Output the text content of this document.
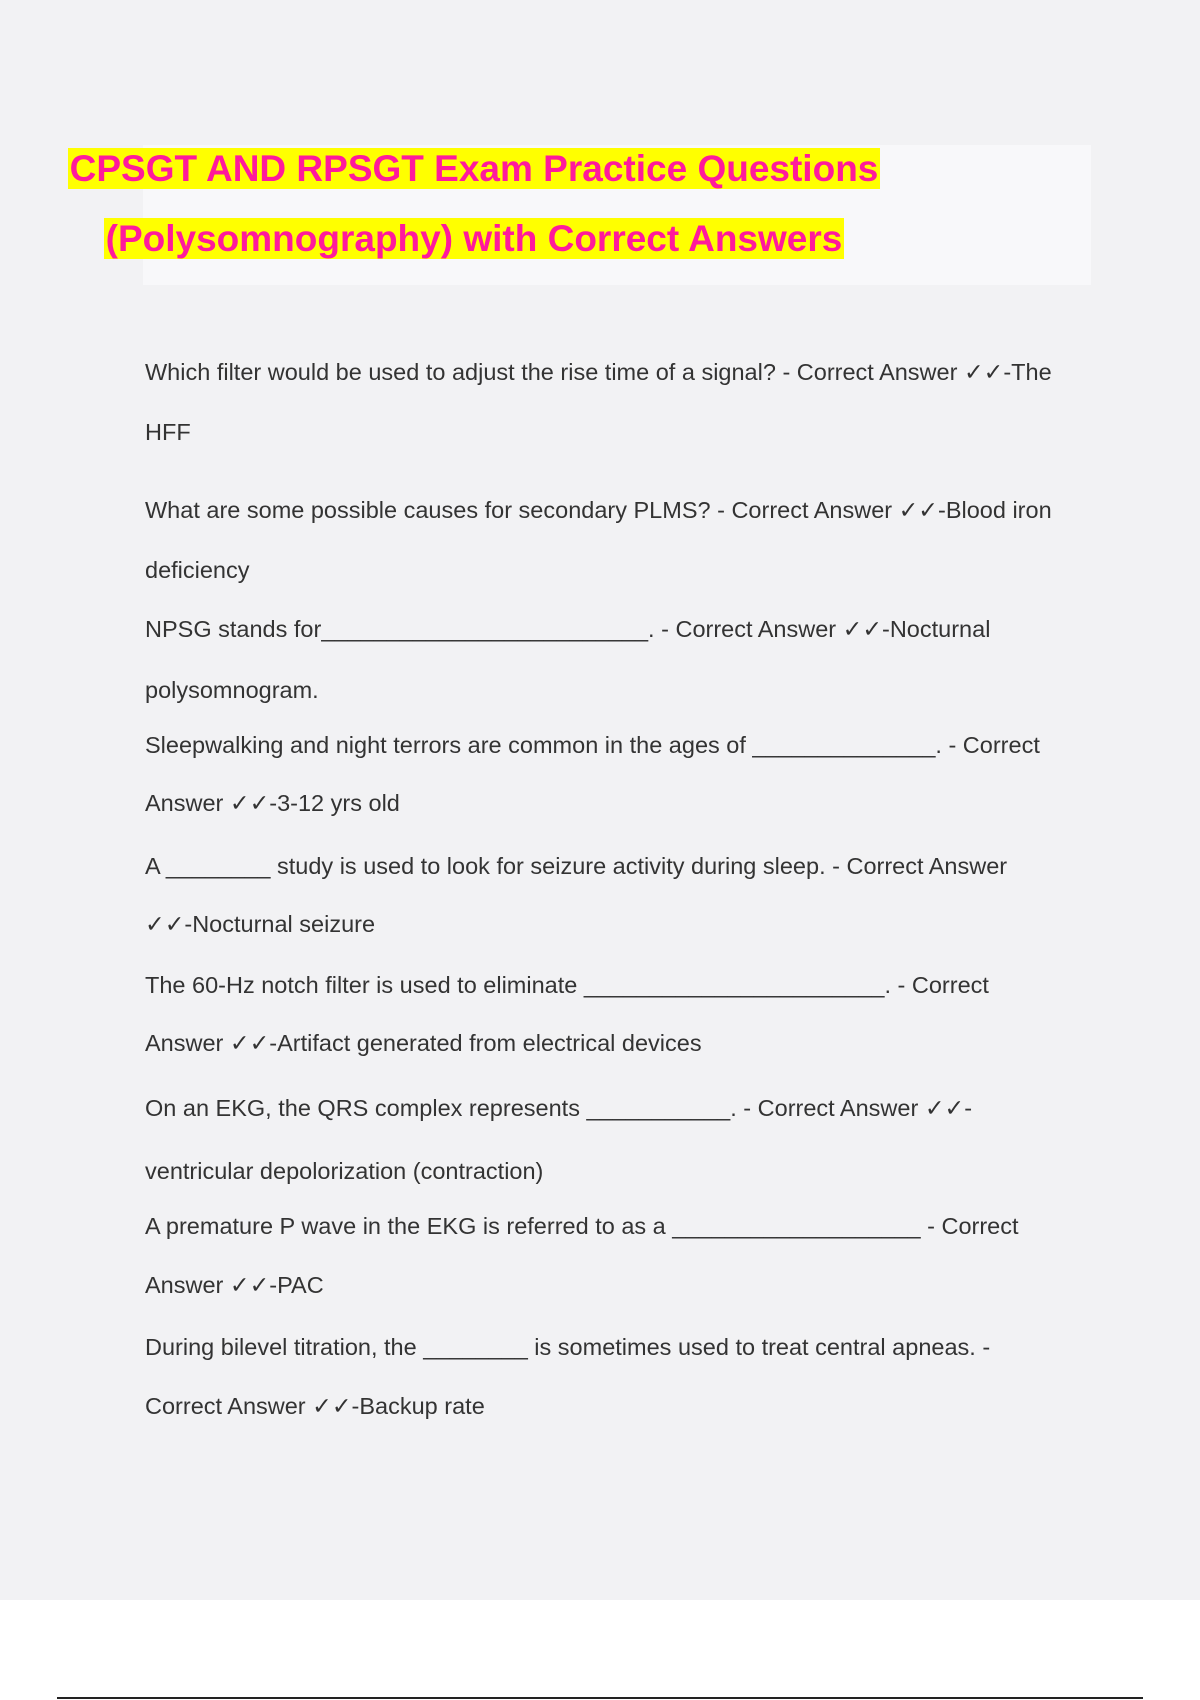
CPSGT AND RPSGT Exam Practice Questions
(Polysomnography) with Correct Answers

Which filter would be used to adjust the rise time of a signal? - Correct Answer ✓✓-The

HFF

What are some possible causes for secondary PLMS? - Correct Answer ✓✓-Blood iron

deficiency

NPSG stands for_________________________. - Correct Answer ✓✓-Nocturnal

polysomnogram.

Sleepwalking and night terrors are common in the ages of ______________. - Correct

Answer ✓✓-3-12 yrs old

A ________ study is used to look for seizure activity during sleep. - Correct Answer

✓✓-Nocturnal seizure

The 60-Hz notch filter is used to eliminate _______________________. - Correct

Answer ✓✓-Artifact generated from electrical devices

On an EKG, the QRS complex represents ___________. - Correct Answer ✓✓-

ventricular depolorization (contraction)

A premature P wave in the EKG is referred to as a ___________________ - Correct

Answer ✓✓-PAC

During bilevel titration, the ________ is sometimes used to treat central apneas. -

Correct Answer ✓✓-Backup rate
